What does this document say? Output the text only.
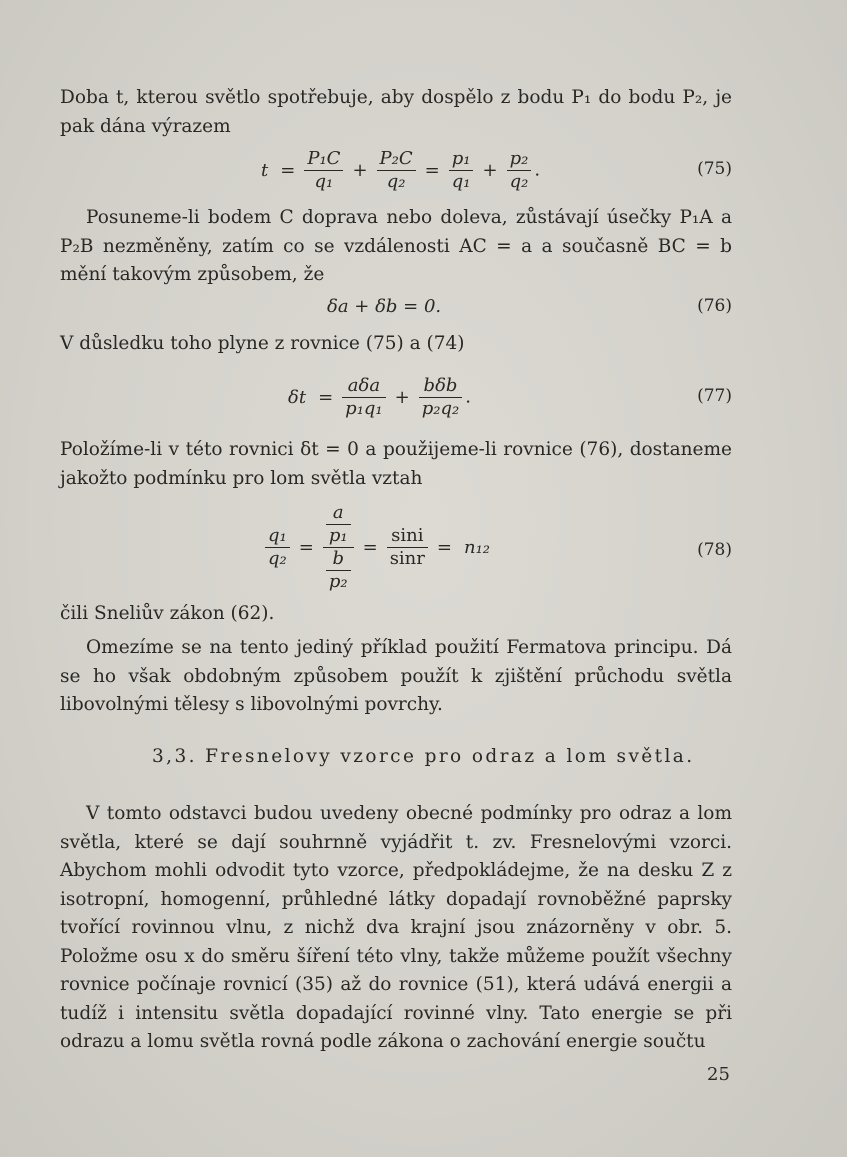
Doba t, kterou světlo spotřebuje, aby dospělo z bodu P₁ do bodu P₂, je pak dána výrazem

$t = \frac{\text{P₁C}}{\text{q₁}} + \frac{\text{P₂C}}{\text{q₂}} = \frac{\text{p₁}}{\text{q₁}} + \frac{\text{p₂}}{\text{q₂}}$ .	(75)

Posuneme-li bodem C doprava nebo doleva, zůstávají úsečky P₁A a P₂B nezměněny, zatím co se vzdálenosti AC = a a současně BC = b mění takovým způsobem, že

δa + δb = 0.	(76)

V důsledku toho plyne z rovnice (75) a (74)

$\delta t = \frac{\text{aδa}}{\text{p₁q₁}} + \frac{\text{bδb}}{\text{p₂q₂}}$ .	(77)

Položíme-li v této rovnici δt = 0 a použijeme-li rovnice (76), dostaneme jakožto podmínku pro lom světla vztah

$\frac{\text{q₁}}{\text{q₂}} = \frac{\frac{a}{\text{p₁}}}{\frac{b}{\text{p₂}}} = \frac{\sin i}{\sin r} = n_{12}$	(78)

čili Sneliův zákon (62).

Omezíme se na tento jediný příklad použití Fermatova principu. Dá se ho však obdobným způsobem použít k zjištění průchodu světla libovolnými tělesy s libovolnými povrchy.

3,3. Fresnelovy vzorce pro odraz a lom světla.

V tomto odstavci budou uvedeny obecné podmínky pro odraz a lom světla, které se dají souhrnně vyjádřit t. zv. Fresnelovými vzorci. Abychom mohli odvodit tyto vzorce, předpokládejme, že na desku Z z isotropní, homogenní, průhledné látky dopadají rovnoběžné paprsky tvořící rovinnou vlnu, z nichž dva krajní jsou znázorněny v obr. 5. Položme osu x do směru šíření této vlny, takže můžeme použít všechny rovnice počínaje rovnicí (35) až do rovnice (51), která udává energii a tudíž i intensitu světla dopadající rovinné vlny. Tato energie se při odrazu a lomu světla rovná podle zákona o zachování energie součtu

25
